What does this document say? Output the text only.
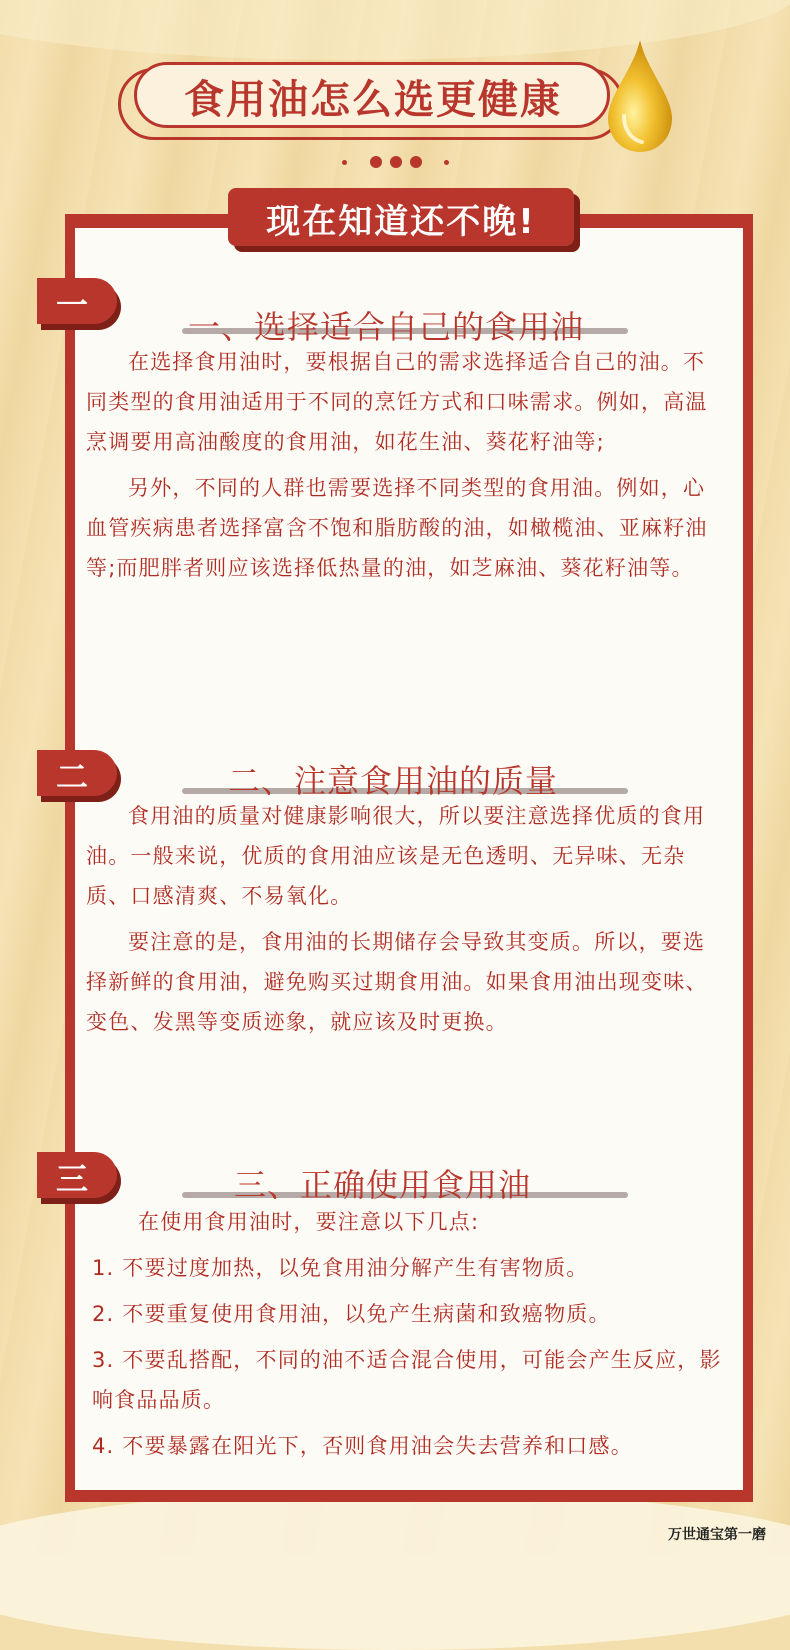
食用油怎么选更健康
现在知道还不晚!
一
一、选择适合自己的食用油

在选择食用油时，要根据自己的需求选择适合自己的油。不同类型的食用油适用于不同的烹饪方式和口味需求。例如，高温烹调要用高油酸度的食用油，如花生油、葵花籽油等;

另外，不同的人群也需要选择不同类型的食用油。例如，心血管疾病患者选择富含不饱和脂肪酸的油，如橄榄油、亚麻籽油等;而肥胖者则应该选择低热量的油，如芝麻油、葵花籽油等。

二	二、注意食用油的质量

食用油的质量对健康影响很大，所以要注意选择优质的食用油。一般来说，优质的食用油应该是无色透明、无异味、无杂质、口感清爽、不易氧化。

要注意的是，食用油的长期储存会导致其变质。所以，要选择新鲜的食用油，避免购买过期食用油。如果食用油出现变味、变色、发黑等变质迹象，就应该及时更换。

三	三、正确使用食用油

在使用食用油时，要注意以下几点:

1. 不要过度加热，以免食用油分解产生有害物质。

2. 不要重复使用食用油，以免产生病菌和致癌物质。

3. 不要乱搭配，不同的油不适合混合使用，可能会产生反应，影响食品品质。

4. 不要暴露在阳光下，否则食用油会失去营养和口感。

万世通宝第一磨
